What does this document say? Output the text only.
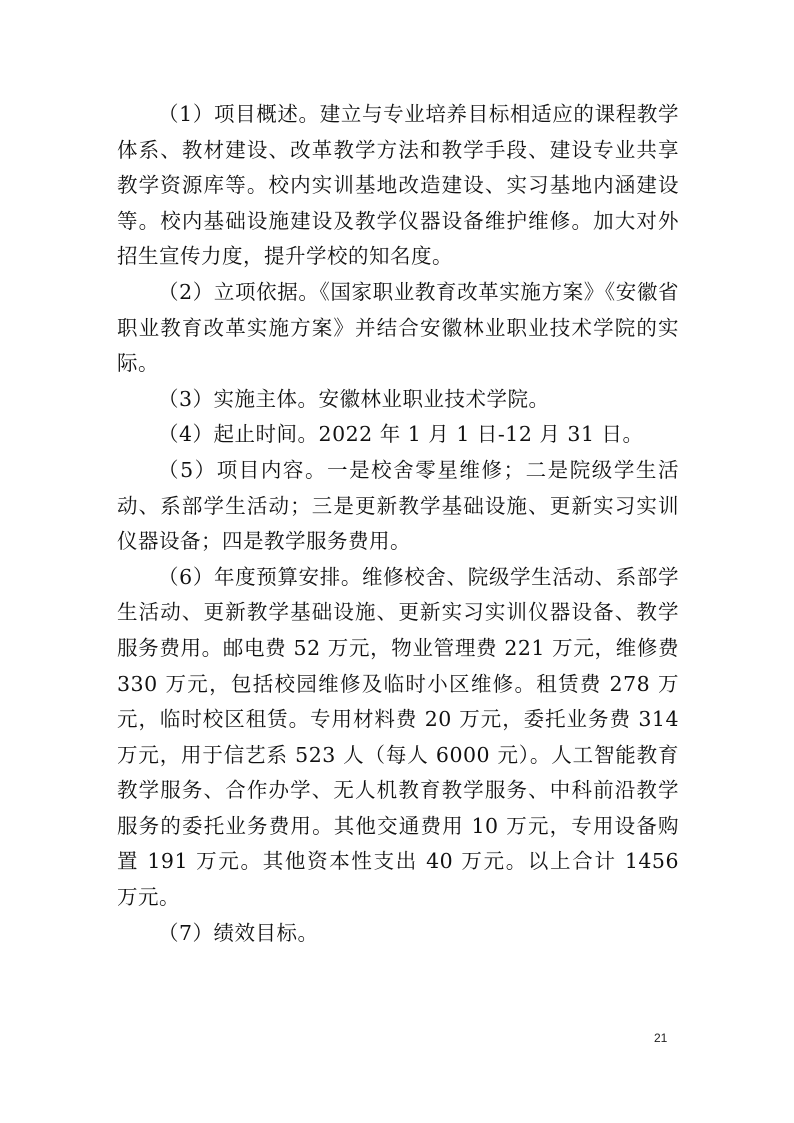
（1）项目概述。建立与专业培养目标相适应的课程教学体系、教材建设、改革教学方法和教学手段、建设专业共享教学资源库等。校内实训基地改造建设、实习基地内涵建设等。校内基础设施建设及教学仪器设备维护维修。加大对外招生宣传力度，提升学校的知名度。

（2）立项依据。《国家职业教育改革实施方案》《安徽省职业教育改革实施方案》并结合安徽林业职业技术学院的实际。

（3）实施主体。安徽林业职业技术学院。

（4）起止时间。2022 年 1 月 1 日-12 月 31 日。

（5）项目内容。一是校舍零星维修；二是院级学生活动、系部学生活动；三是更新教学基础设施、更新实习实训仪器设备；四是教学服务费用。

（6）年度预算安排。维修校舍、院级学生活动、系部学生活动、更新教学基础设施、更新实习实训仪器设备、教学服务费用。邮电费 52 万元，物业管理费 221 万元，维修费 330 万元，包括校园维修及临时小区维修。租赁费 278 万元，临时校区租赁。专用材料费 20 万元，委托业务费 314 万元，用于信艺系 523 人（每人 6000 元）。人工智能教育教学服务、合作办学、无人机教育教学服务、中科前沿教学服务的委托业务费用。其他交通费用 10 万元，专用设备购置 191 万元。其他资本性支出 40 万元。以上合计 1456 万元。

（7）绩效目标。

21
